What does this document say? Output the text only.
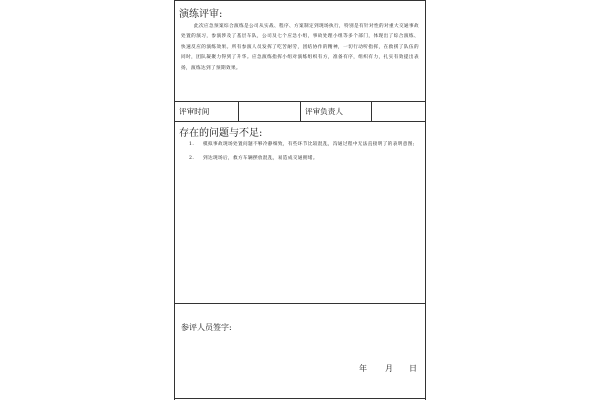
演练评审:

此次应急预案综合演练是公司从实战、程序、方案制定到现场执行，特别是有针对性的对重大交通事故处置的演习，参演涉及了基层车队，公司及七个应急小组，事故处理小组等多个部门，体现出了综合演练、快速反应的演练效果。所有参演人员发挥了吃苦耐劳，团结协作的精神，一切行动听指挥，在救援了队伍的同时，团队凝聚力得到了升华。应急演练指挥小组对演练组织有方，准备有序，组织有力，扎实有效提出表扬，演练达到了预期效果。

评审时间	评审负责人
存在的问题与不足:
1. 模拟事故现场处置问题不够冷静细致，有些环节比较混乱，沟通过程中无法直接明了的表明意图;
2. 到达现场后，救方车辆摆放混乱，易造成交通拥堵。
参评人员签字:
年 月 日
